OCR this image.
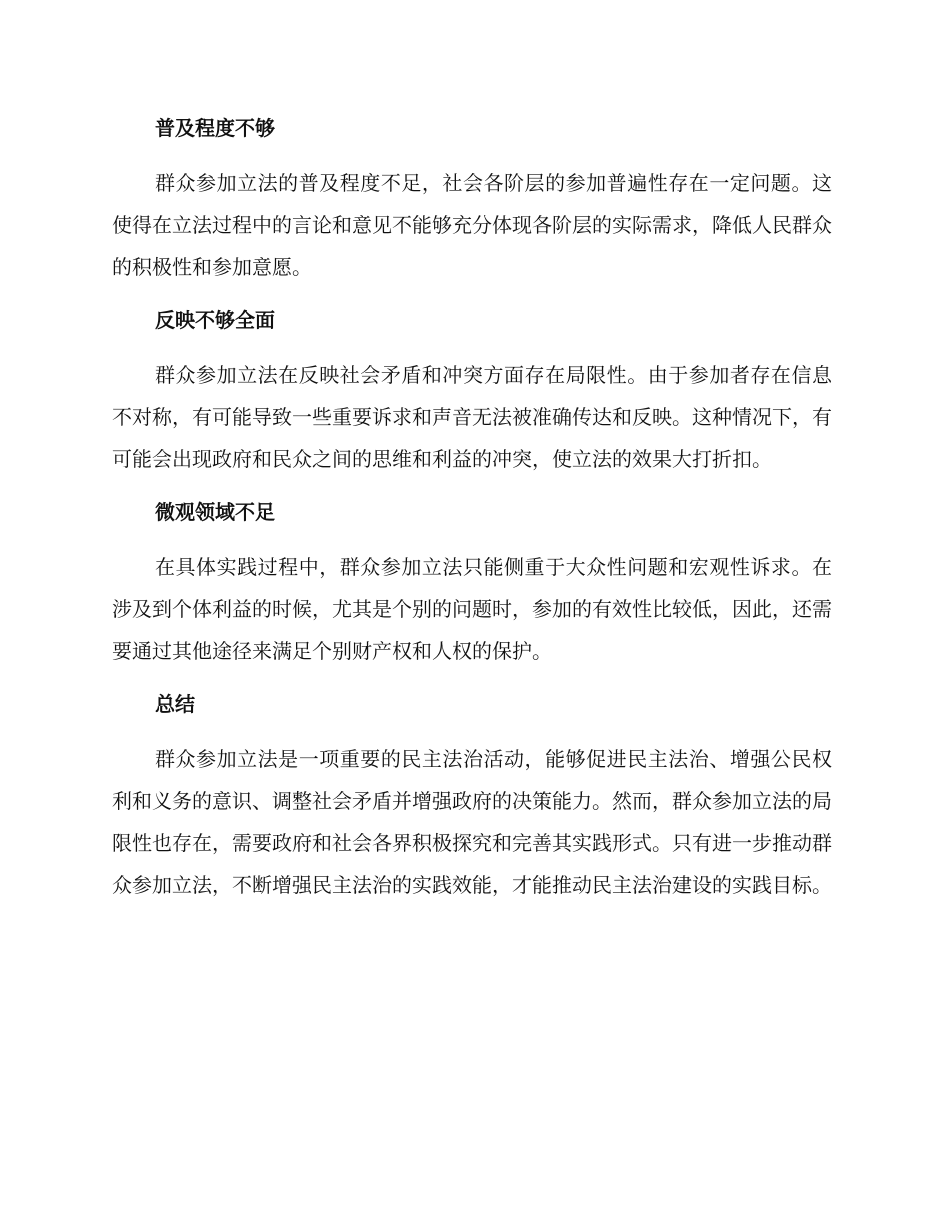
普及程度不够

群众参加立法的普及程度不足，社会各阶层的参加普遍性存在一定问题。这使得在立法过程中的言论和意见不能够充分体现各阶层的实际需求，降低人民群众的积极性和参加意愿。

反映不够全面

群众参加立法在反映社会矛盾和冲突方面存在局限性。由于参加者存在信息不对称，有可能导致一些重要诉求和声音无法被准确传达和反映。这种情况下，有可能会出现政府和民众之间的思维和利益的冲突，使立法的效果大打折扣。

微观领域不足

在具体实践过程中，群众参加立法只能侧重于大众性问题和宏观性诉求。在涉及到个体利益的时候，尤其是个别的问题时，参加的有效性比较低，因此，还需要通过其他途径来满足个别财产权和人权的保护。

总结

群众参加立法是一项重要的民主法治活动，能够促进民主法治、增强公民权利和义务的意识、调整社会矛盾并增强政府的决策能力。然而，群众参加立法的局限性也存在，需要政府和社会各界积极探究和完善其实践形式。只有进一步推动群众参加立法，不断增强民主法治的实践效能，才能推动民主法治建设的实践目标。
